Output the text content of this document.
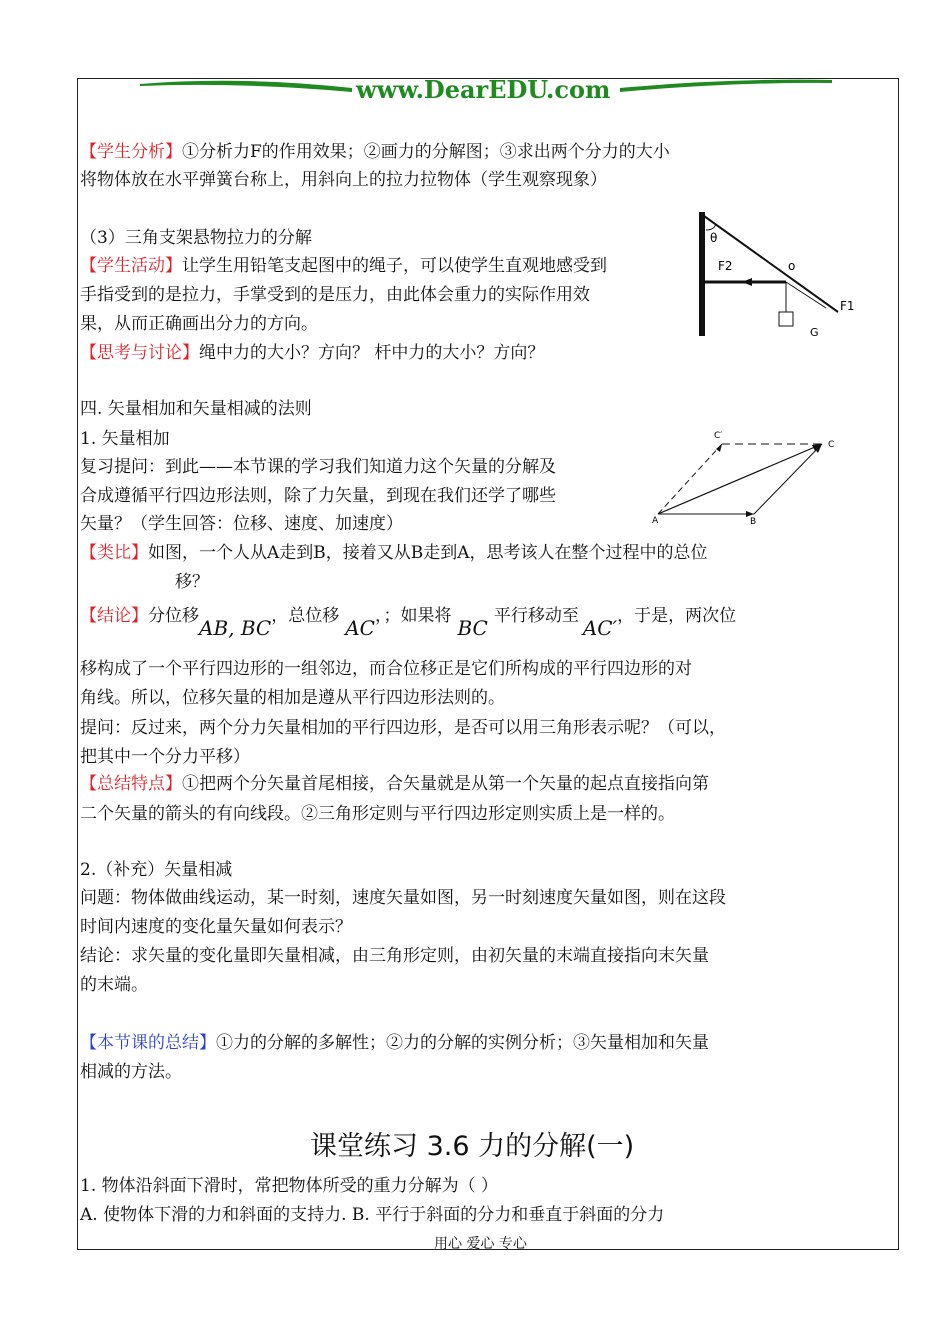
www.DearEDU.com
【学生分析】①分析力F的作用效果；②画力的分解图；③求出两个分力的大小
将物体放在水平弹簧台称上，用斜向上的拉力拉物体（学生观察现象）
（3）三角支架悬物拉力的分解
【学生活动】让学生用铅笔支起图中的绳子，可以使学生直观地感受到
手指受到的是拉力，手掌受到的是压力，由此体会重力的实际作用效
果，从而正确画出分力的方向。
【思考与讨论】绳中力的大小？方向？ 杆中力的大小？方向？
θ
F2	o
F1
G
四. 矢量相加和矢量相减的法则
1. 矢量相加
复习提问：到此——本节课的学习我们知道力这个矢量的分解及
合成遵循平行四边形法则，除了力矢量，到现在我们还学了哪些
矢量？（学生回答：位移、速度、加速度）
C′
C
A	B
【类比】如图，一个人从A走到B，接着又从B走到A，思考该人在整个过程中的总位
移？
【结论】分位移AB, BC，总位移 AC，；如果将 BC 平行移动至 AC′，于是，两次位
移构成了一个平行四边形的一组邻边，而合位移正是它们所构成的平行四边形的对
角线。所以，位移矢量的相加是遵从平行四边形法则的。
提问：反过来，两个分力矢量相加的平行四边形，是否可以用三角形表示呢？（可以，
把其中一个分力平移）
【总结特点】①把两个分矢量首尾相接，合矢量就是从第一个矢量的起点直接指向第
二个矢量的箭头的有向线段。②三角形定则与平行四边形定则实质上是一样的。
2.（补充）矢量相减
问题：物体做曲线运动，某一时刻，速度矢量如图，另一时刻速度矢量如图，则在这段
时间内速度的变化量矢量如何表示？
结论：求矢量的变化量即矢量相减，由三角形定则，由初矢量的末端直接指向末矢量
的末端。
【本节课的总结】①力的分解的多解性；②力的分解的实例分析；③矢量相加和矢量
相减的方法。
课堂练习 3.6 力的分解(一)
1. 物体沿斜面下滑时，常把物体所受的重力分解为（ ）
A. 使物体下滑的力和斜面的支持力. B. 平行于斜面的分力和垂直于斜面的分力
用心 爱心 专心
